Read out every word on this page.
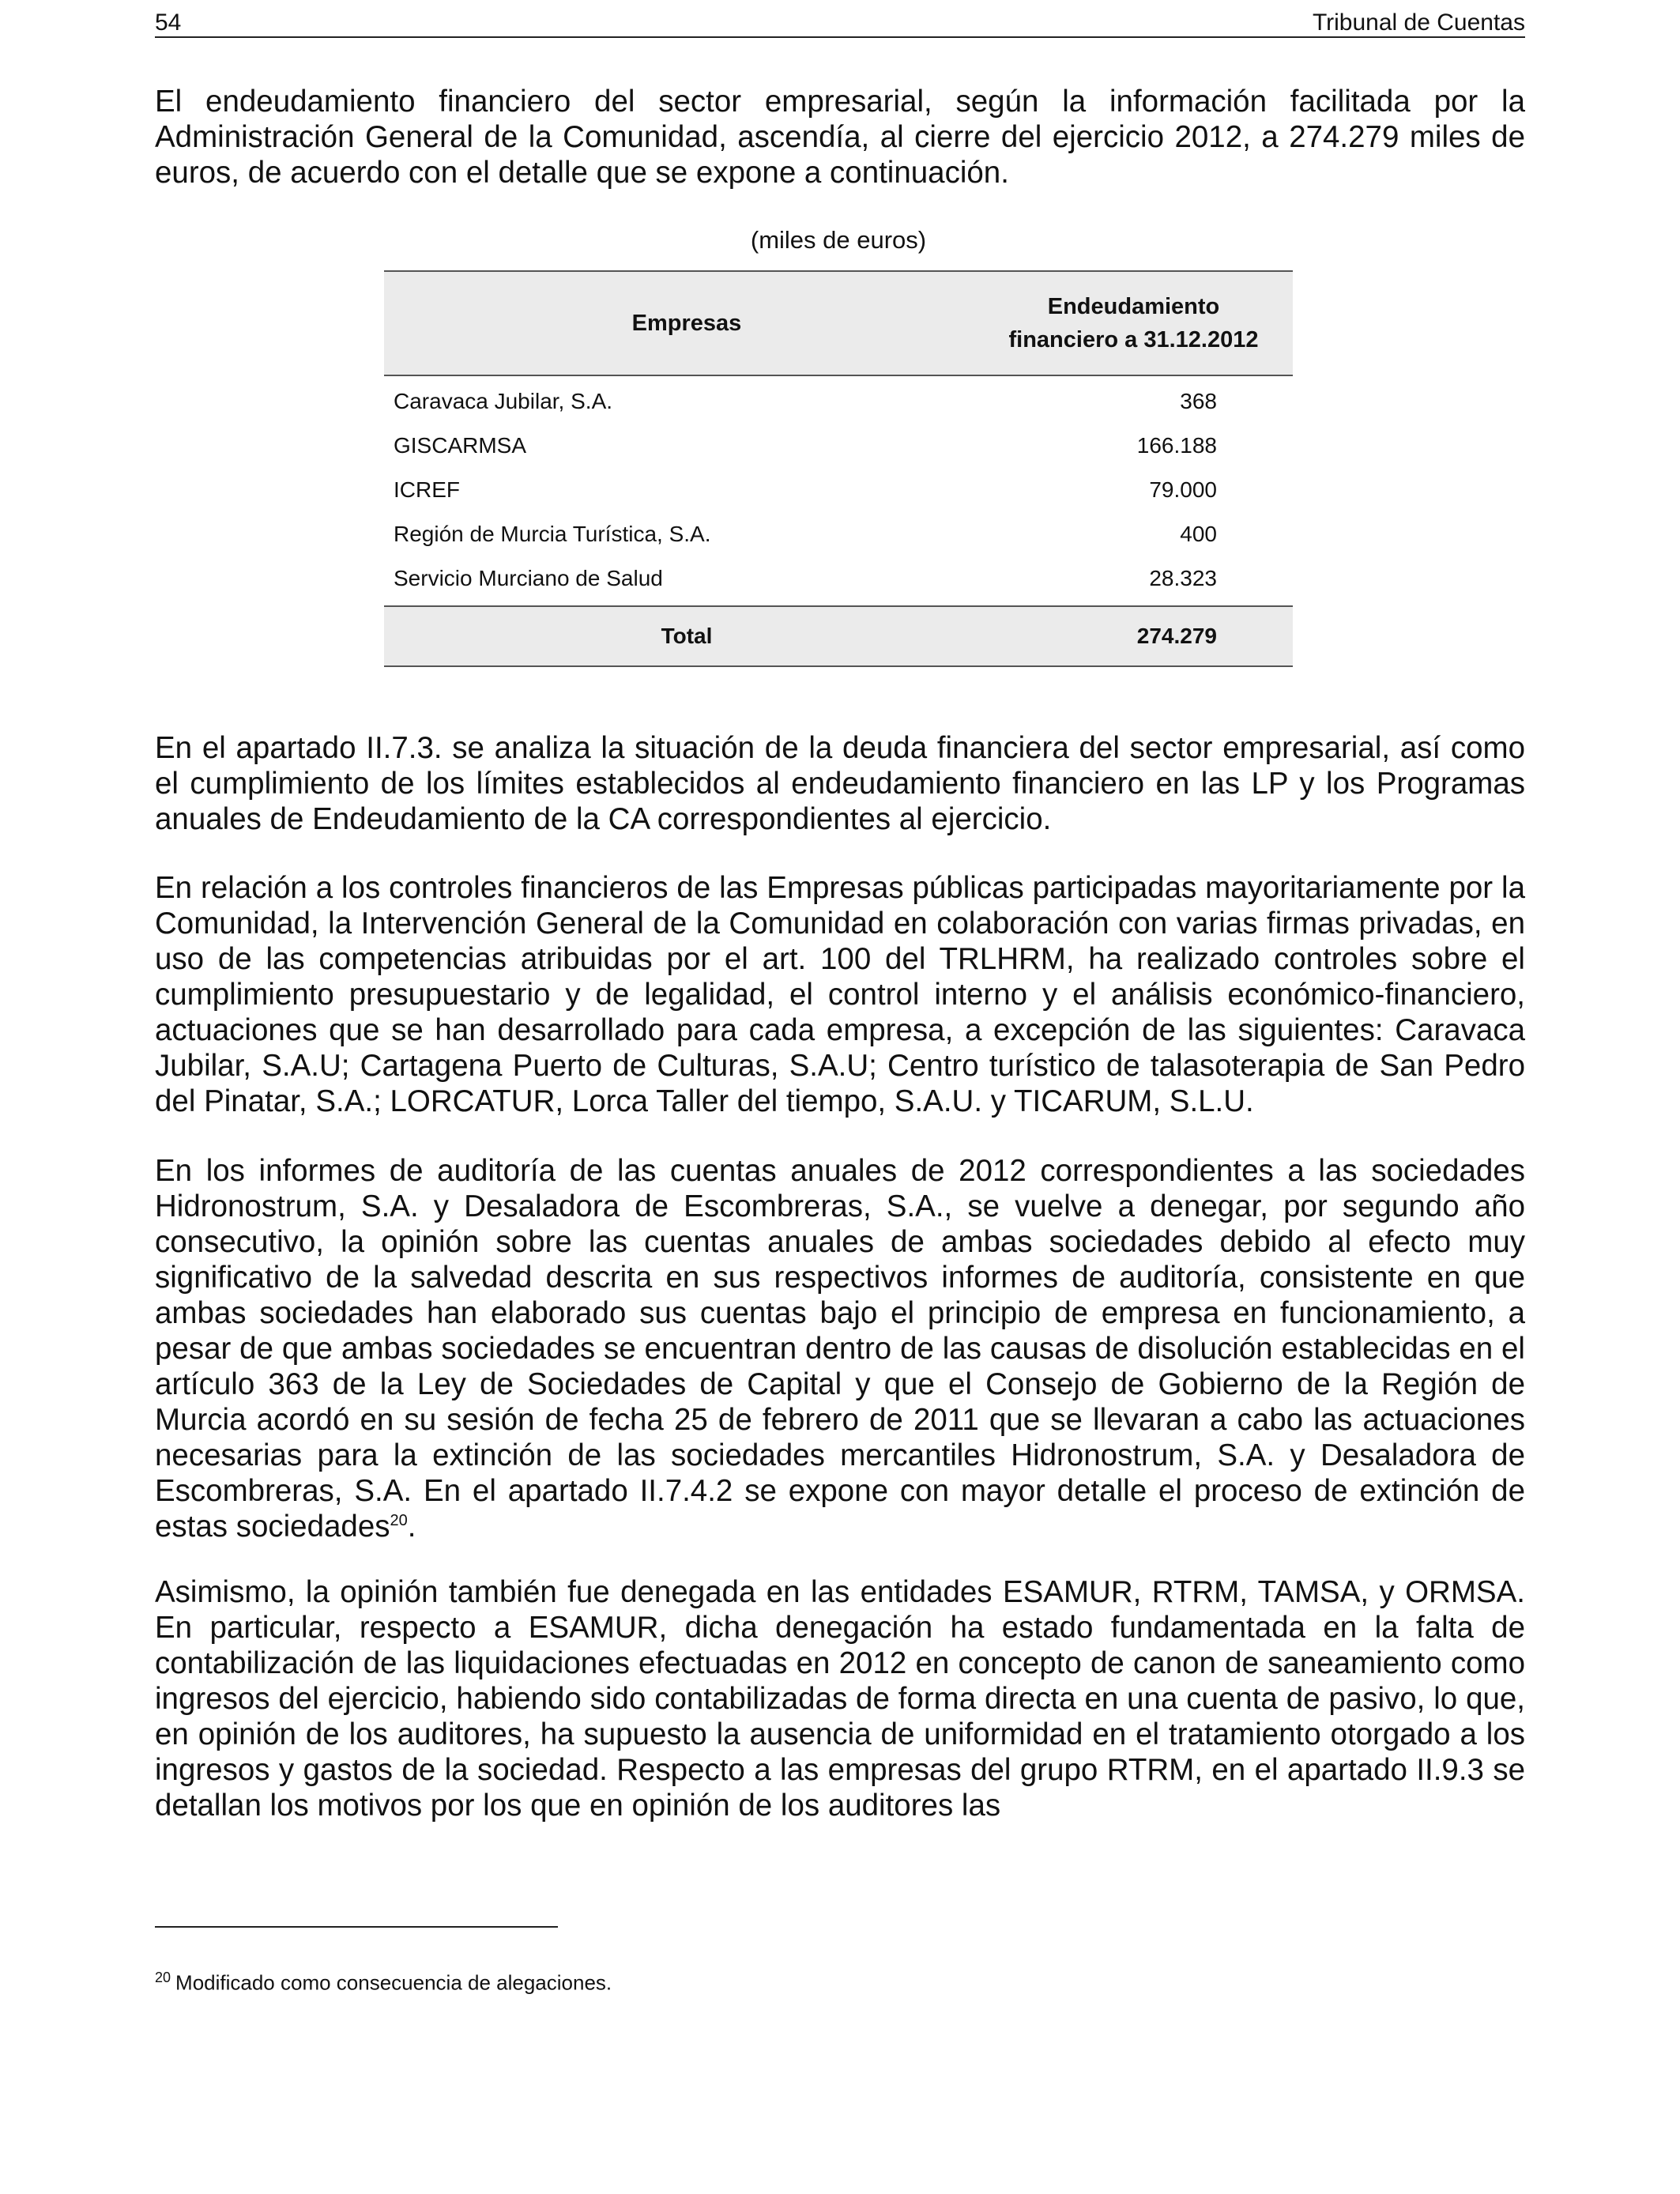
54	Tribunal de Cuentas

El endeudamiento financiero del sector empresarial, según la información facilitada por la Administración General de la Comunidad, ascendía, al cierre del ejercicio 2012, a 274.279 miles de euros, de acuerdo con el detalle que se expone a continuación.

(miles de euros)
Empresas	Endeudamiento financiero a 31.12.2012
Caravaca Jubilar, S.A.	368
GISCARMSA	166.188
ICREF	79.000
Región de Murcia Turística, S.A.	400
Servicio Murciano de Salud	28.323
Total	274.279

En el apartado II.7.3. se analiza la situación de la deuda financiera del sector empresarial, así como el cumplimiento de los límites establecidos al endeudamiento financiero en las LP y los Programas anuales de Endeudamiento de la CA correspondientes al ejercicio.

En relación a los controles financieros de las Empresas públicas participadas mayoritariamente por la Comunidad, la Intervención General de la Comunidad en colaboración con varias firmas privadas, en uso de las competencias atribuidas por el art. 100 del TRLHRM, ha realizado controles sobre el cumplimiento presupuestario y de legalidad, el control interno y el análisis económico-financiero, actuaciones que se han desarrollado para cada empresa, a excepción de las siguientes: Caravaca Jubilar, S.A.U; Cartagena Puerto de Culturas, S.A.U; Centro turístico de talasoterapia de San Pedro del Pinatar, S.A.; LORCATUR, Lorca Taller del tiempo, S.A.U. y TICARUM, S.L.U.

En los informes de auditoría de las cuentas anuales de 2012 correspondientes a las sociedades Hidronostrum, S.A. y Desaladora de Escombreras, S.A., se vuelve a denegar, por segundo año consecutivo, la opinión sobre las cuentas anuales de ambas sociedades debido al efecto muy significativo de la salvedad descrita en sus respectivos informes de auditoría, consistente en que ambas sociedades han elaborado sus cuentas bajo el principio de empresa en funcionamiento, a pesar de que ambas sociedades se encuentran dentro de las causas de disolución establecidas en el artículo 363 de la Ley de Sociedades de Capital y que el Consejo de Gobierno de la Región de Murcia acordó en su sesión de fecha 25 de febrero de 2011 que se llevaran a cabo las actuaciones necesarias para la extinción de las sociedades mercantiles Hidronostrum, S.A. y Desaladora de Escombreras, S.A. En el apartado II.7.4.2 se expone con mayor detalle el proceso de extinción de estas sociedades$^{20}$.

Asimismo, la opinión también fue denegada en las entidades ESAMUR, RTRM, TAMSA, y ORMSA. En particular, respecto a ESAMUR, dicha denegación ha estado fundamentada en la falta de contabilización de las liquidaciones efectuadas en 2012 en concepto de canon de saneamiento como ingresos del ejercicio, habiendo sido contabilizadas de forma directa en una cuenta de pasivo, lo que, en opinión de los auditores, ha supuesto la ausencia de uniformidad en el tratamiento otorgado a los ingresos y gastos de la sociedad. Respecto a las empresas del grupo RTRM, en el apartado II.9.3 se detallan los motivos por los que en opinión de los auditores las

$^{20}$ Modificado como consecuencia de alegaciones.
